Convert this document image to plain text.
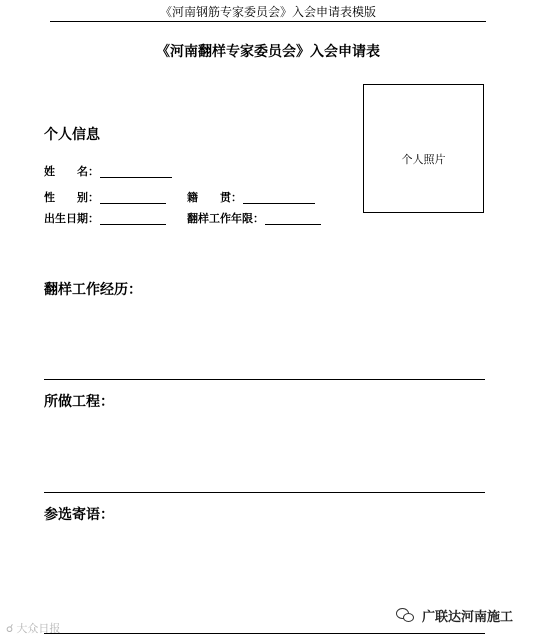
《河南钢筋专家委员会》入会申请表模版
《河南翻样专家委员会》入会申请表
个人照片
个人信息
姓　　名：
性　　别：	籍　　贯：
出生日期：	翻样工作年限：
翻样工作经历：
所做工程：
参选寄语：
☌ 大众日报
广联达河南施工
